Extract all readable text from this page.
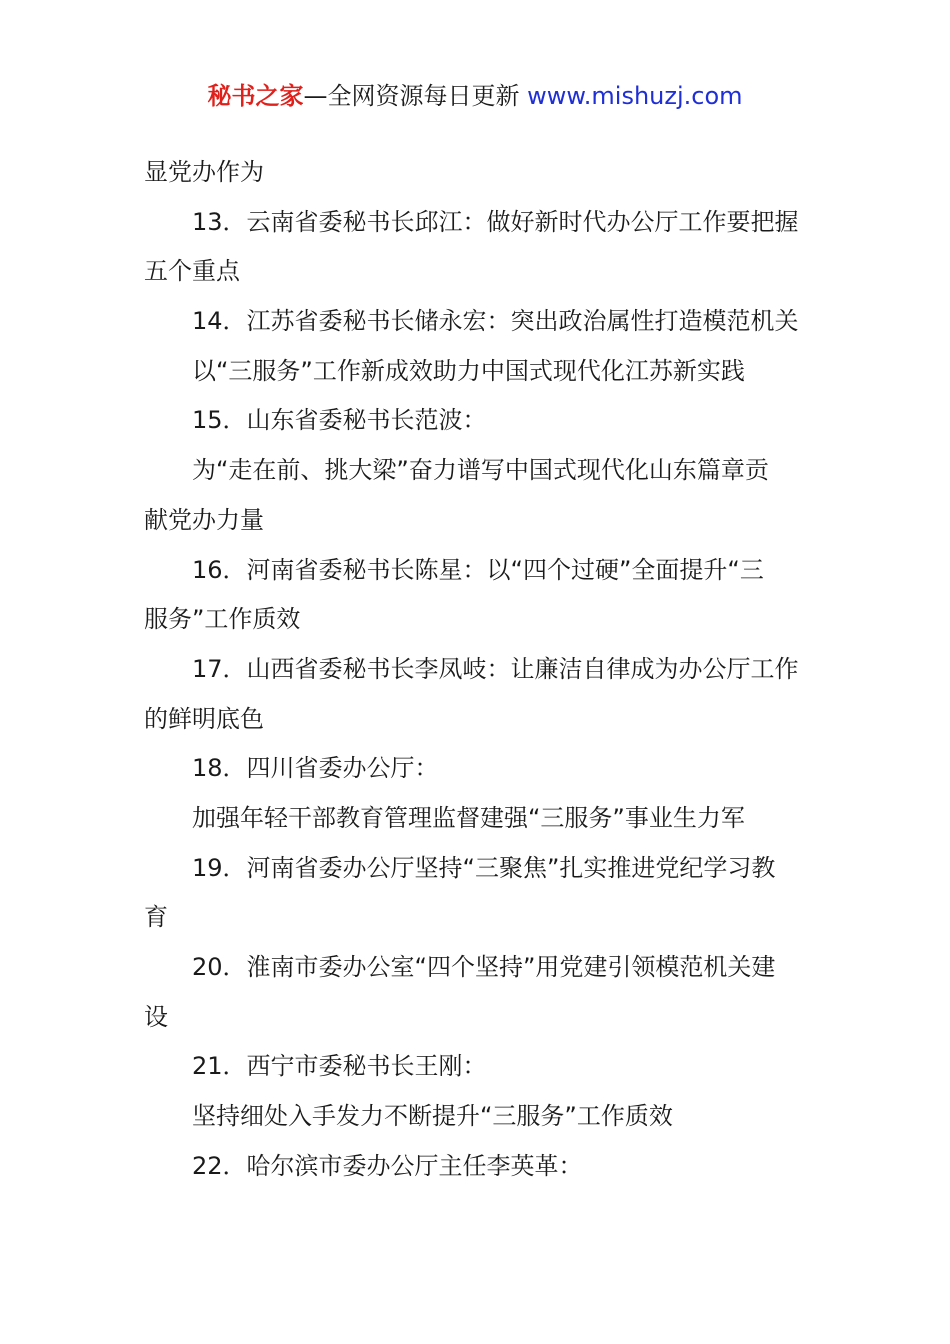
秘书之家—全网资源每日更新 www.mishuzj.com
显党办作为
13．云南省委秘书长邱江：做好新时代办公厅工作要把握
五个重点
14．江苏省委秘书长储永宏：突出政治属性打造模范机关
以“三服务”工作新成效助力中国式现代化江苏新实践
15．山东省委秘书长范波：
为“走在前、挑大梁”奋力谱写中国式现代化山东篇章贡
献党办力量
16．河南省委秘书长陈星：以“四个过硬”全面提升“三
服务”工作质效
17．山西省委秘书长李凤岐：让廉洁自律成为办公厅工作
的鲜明底色
18．四川省委办公厅：
加强年轻干部教育管理监督建强“三服务”事业生力军
19．河南省委办公厅坚持“三聚焦”扎实推进党纪学习教
育
20．淮南市委办公室“四个坚持”用党建引领模范机关建
设
21．西宁市委秘书长王刚：
坚持细处入手发力不断提升“三服务”工作质效
22．哈尔滨市委办公厅主任李英革：
